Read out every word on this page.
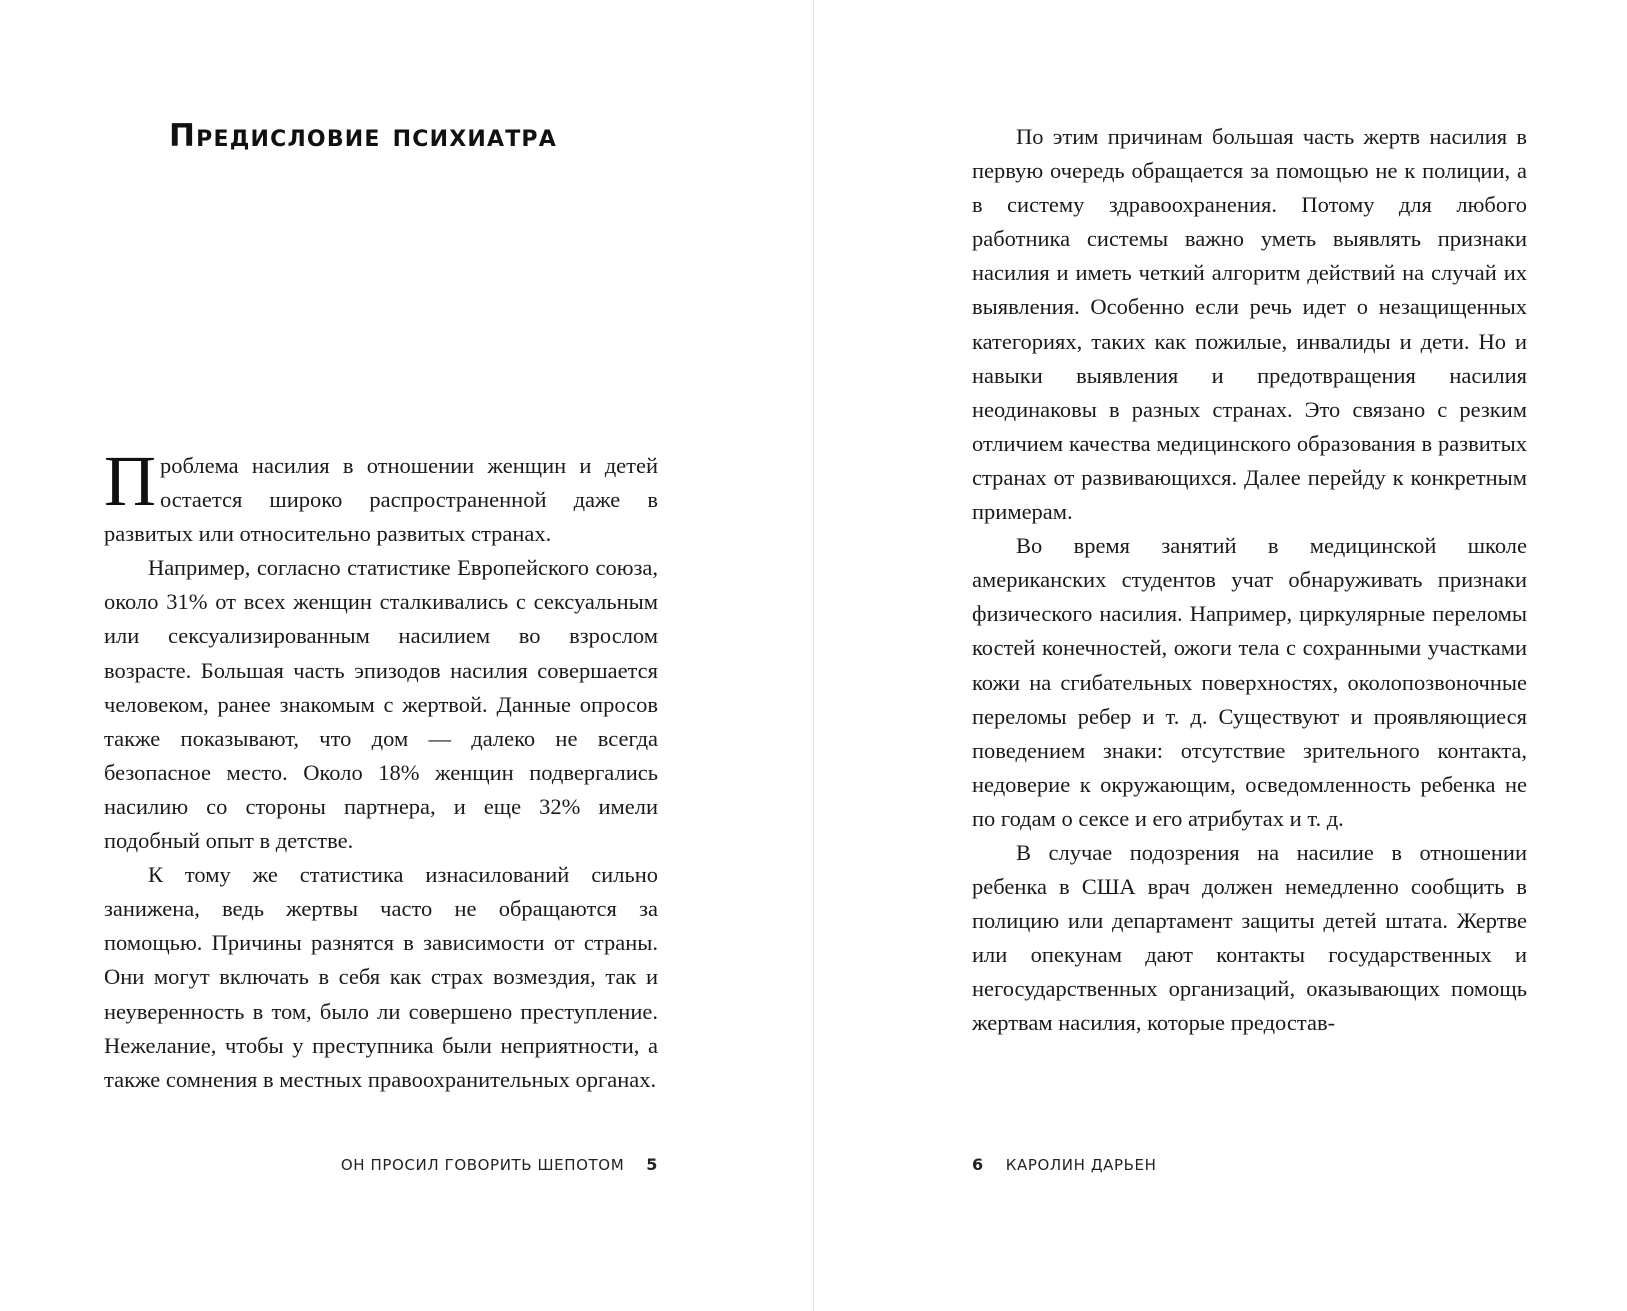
Предисловие психиатра

Проблема насилия в отношении женщин и детей остается широко распространенной даже в развитых или относительно развитых странах.

Например, согласно статистике Европейского союза, около 31% от всех женщин сталкивались с сексуальным или сексуализированным насилием во взрослом возрасте. Большая часть эпизодов насилия совершается человеком, ранее знакомым с жертвой. Данные опросов также показывают, что дом — далеко не всегда безопасное место. Около 18% женщин подвергались насилию со стороны партнера, и еще 32% имели подобный опыт в детстве.

К тому же статистика изнасилований сильно занижена, ведь жертвы часто не обращаются за помощью. Причины разнятся в зависимости от страны. Они могут включать в себя как страх возмездия, так и неуверенность в том, было ли совершено преступление. Нежелание, чтобы у преступника были неприятности, а также сомнения в местных правоохранительных органах.

ОН ПРОСИЛ ГОВОРИТЬ ШЕПОТОМ 5

По этим причинам большая часть жертв насилия в первую очередь обращается за помощью не к полиции, а в систему здравоохранения. Потому для любого работника системы важно уметь выявлять признаки насилия и иметь четкий алгоритм действий на случай их выявления. Особенно если речь идет о незащищенных категориях, таких как пожилые, инвалиды и дети. Но и навыки выявления и предотвращения насилия неодинаковы в разных странах. Это связано с резким отличием качества медицинского образования в развитых странах от развивающихся. Далее перейду к конкретным примерам.

Во время занятий в медицинской школе американских студентов учат обнаруживать признаки физического насилия. Например, циркулярные переломы костей конечностей, ожоги тела с сохранными участками кожи на сгибательных поверхностях, околопозвоночные переломы ребер и т. д. Существуют и проявляющиеся поведением знаки: отсутствие зрительного контакта, недоверие к окружающим, осведомленность ребенка не по годам о сексе и его атрибутах и т. д.

В случае подозрения на насилие в отношении ребенка в США врач должен немедленно сообщить в полицию или департамент защиты детей штата. Жертве или опекунам дают контакты государственных и негосударственных организаций, оказывающих помощь жертвам насилия, которые предостав-

6 КАРОЛИН ДАРЬЕН
